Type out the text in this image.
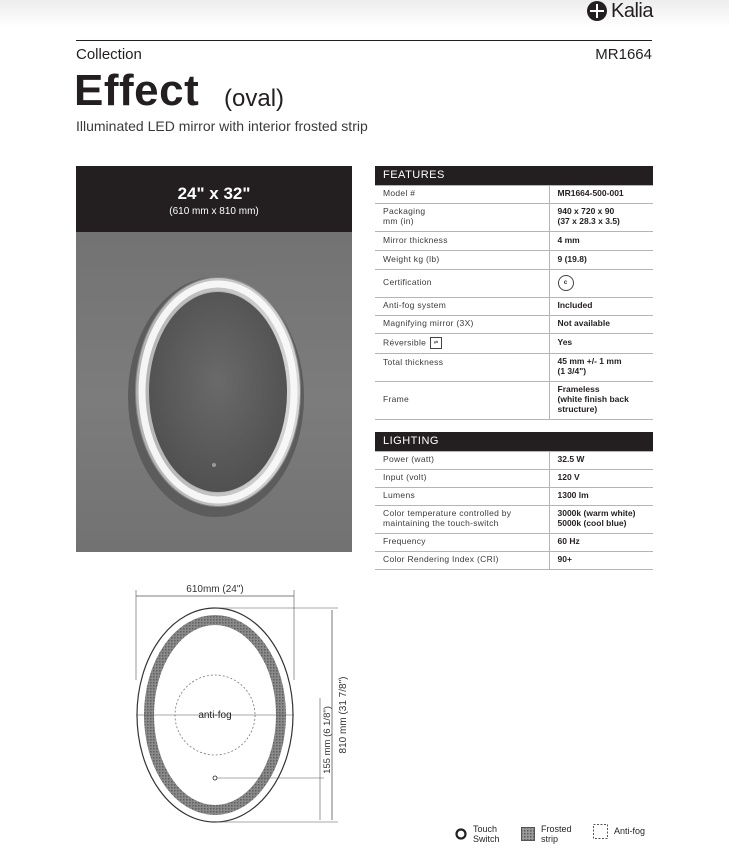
Kalia
Collection	MR1664
Effect (oval)
Illuminated LED mirror with interior frosted strip
24" x 32"
(610 mm x 810 mm)
FEATURES	
Model #	MR1664-500-001
Packaging
mm (in)	940 x 720 x 90
(37 x 28.3 x 3.5)
Mirror thickness	4 mm
Weight kg (lb)	9 (19.8)
Certification	c
Anti-fog system	Included
Magnifying mirror (3X)	Not available
Réversible ⇄	Yes
Total thickness	45 mm +/- 1 mm
(1 3/4")
Frame	Frameless
(white finish back
structure)
LIGHTING	
Power (watt)	32.5 W
Input (volt)	120 V
Lumens	1300 lm
Color temperature controlled by
maintaining the touch-switch	3000k (warm white)
5000k (cool blue)
Frequency	60 Hz
Color Rendering Index (CRI)	90+
610mm (24")
anti-fog	810 mm (31 7/8")
155 mm (6 1/8")
Touch
Switch
Frosted
strip
Anti-fog
